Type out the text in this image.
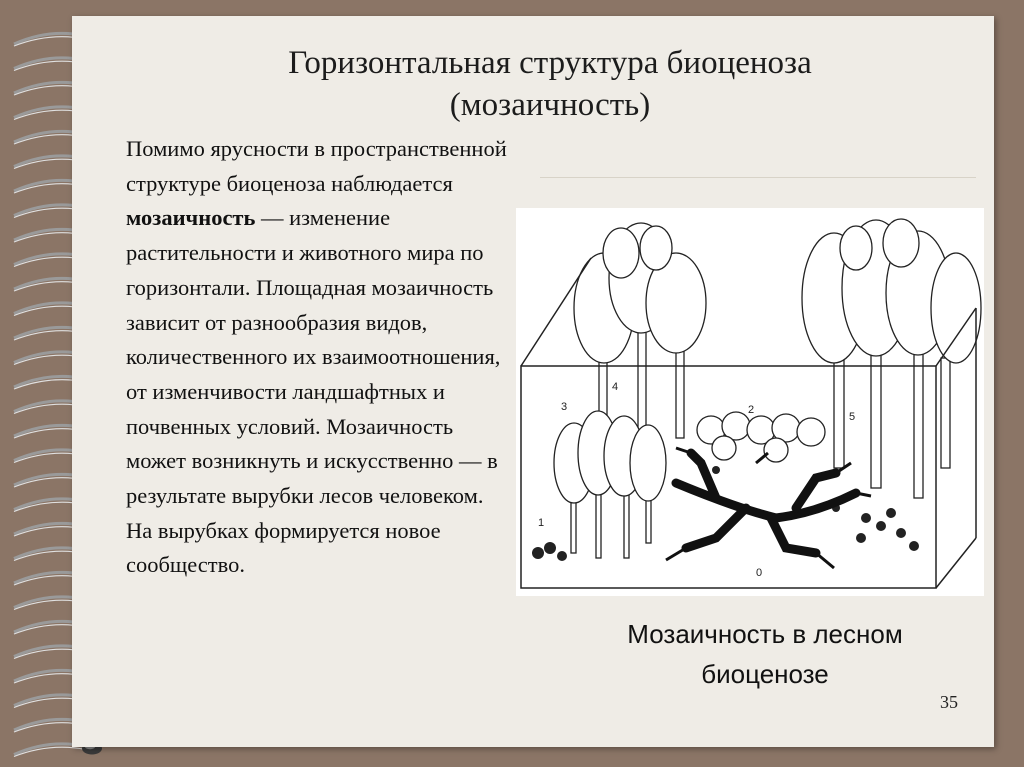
Горизонтальная структура биоценоза
(мозаичность)
Помимо ярусности в пространственной структуре биоценоза наблюдается мозаичность — изменение растительности и животного мира по горизонтали. Площадная мозаичность зависит от разнообразия видов, количественного их взаимоотношения, от изменчивости ландшафтных и почвенных условий. Мозаичность может возникнуть и искусственно — в результате вырубки лесов человеком. На вырубках формируется новое сообщество.	0
1
2
3
4
5
Мозаичность в лесном
биоценозе
35
